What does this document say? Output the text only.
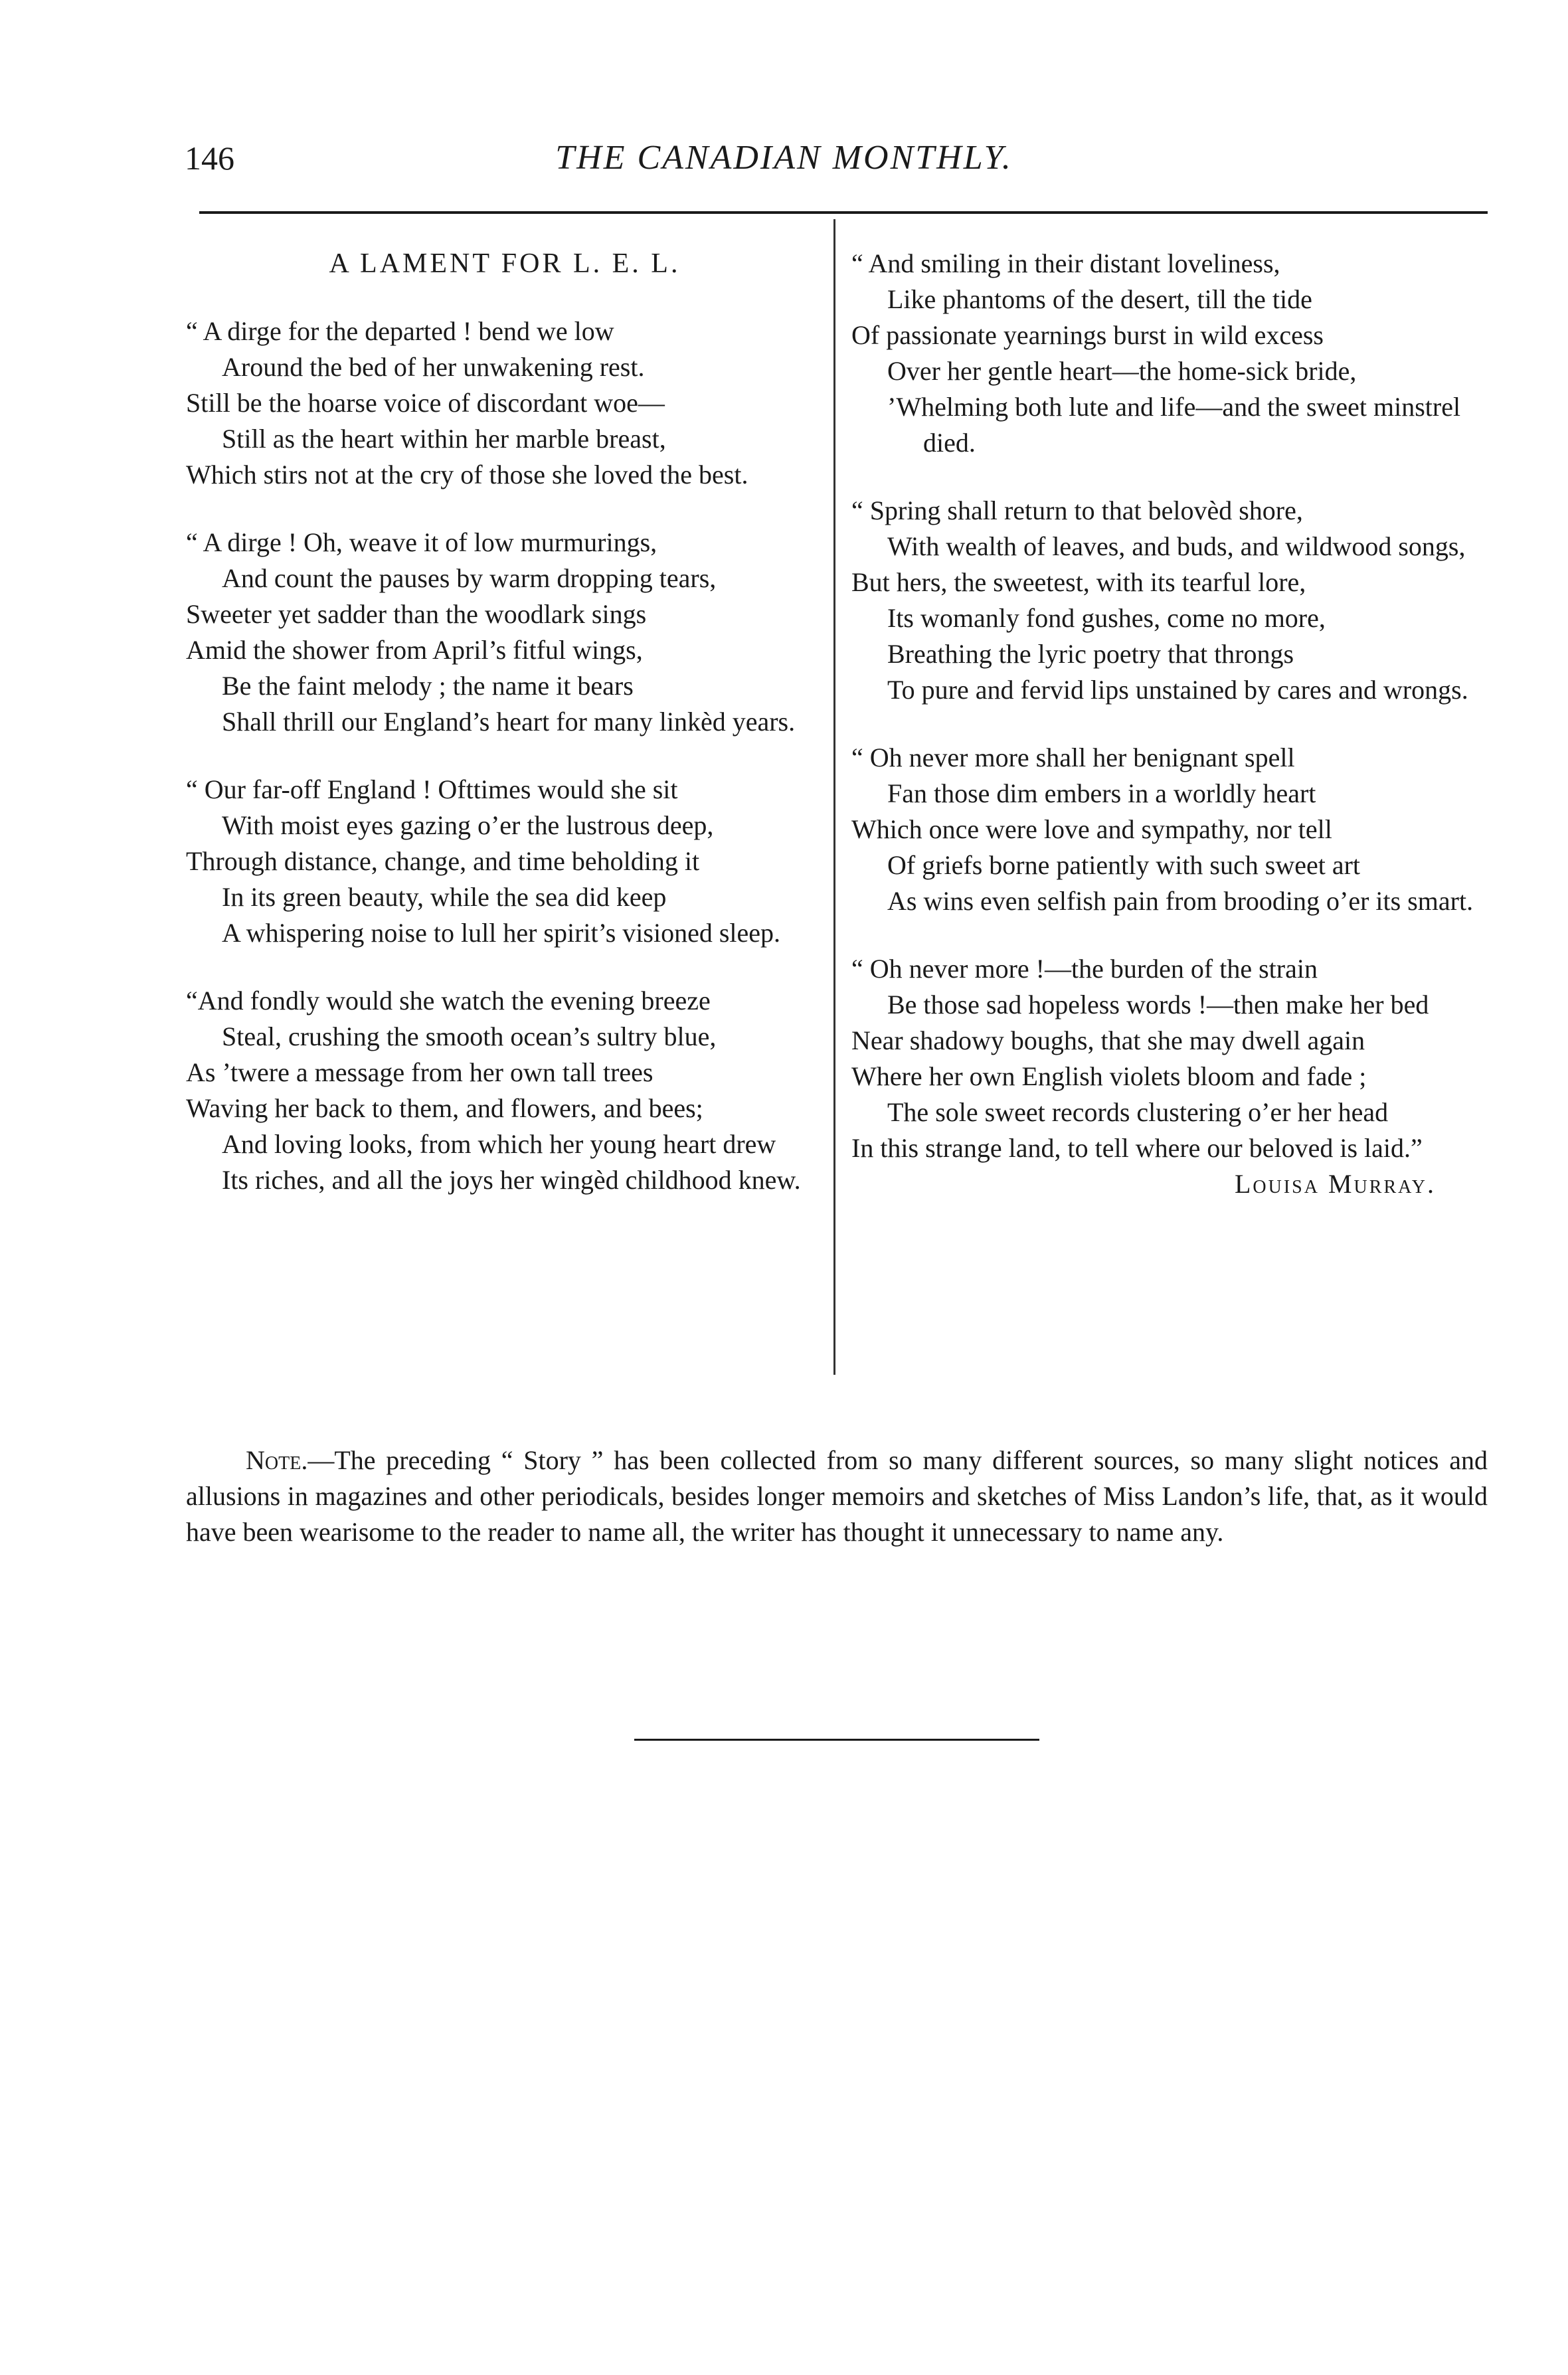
146	THE CANADIAN MONTHLY.
A LAMENT FOR L. E. L.
“ A dirge for the departed ! bend we low
Around the bed of her unwakening rest.
Still be the hoarse voice of discordant woe—
Still as the heart within her marble breast,
Which stirs not at the cry of those she loved the best.
“ A dirge ! Oh, weave it of low murmurings,
And count the pauses by warm dropping tears,
Sweeter yet sadder than the woodlark sings
Amid the shower from April’s fitful wings,
Be the faint melody ; the name it bears
Shall thrill our England’s heart for many linkèd years.
“ Our far-off England ! Ofttimes would she sit
With moist eyes gazing o’er the lustrous deep,
Through distance, change, and time beholding it
In its green beauty, while the sea did keep
A whispering noise to lull her spirit’s visioned sleep.
“And fondly would she watch the evening breeze
Steal, crushing the smooth ocean’s sultry blue,
As ’twere a message from her own tall trees
Waving her back to them, and flowers, and bees;
And loving looks, from which her young heart drew
Its riches, and all the joys her wingèd childhood knew.
“ And smiling in their distant loveliness,
Like phantoms of the desert, till the tide
Of passionate yearnings burst in wild excess
Over her gentle heart—the home-sick bride,
’Whelming both lute and life—and the sweet minstrel died.
“ Spring shall return to that belovèd shore,
With wealth of leaves, and buds, and wildwood songs,
But hers, the sweetest, with its tearful lore,
Its womanly fond gushes, come no more,
Breathing the lyric poetry that throngs
To pure and fervid lips unstained by cares and wrongs.
“ Oh never more shall her benignant spell
Fan those dim embers in a worldly heart
Which once were love and sympathy, nor tell
Of griefs borne patiently with such sweet art
As wins even selfish pain from brooding o’er its smart.
“ Oh never more !—the burden of the strain
Be those sad hopeless words !—then make her bed
Near shadowy boughs, that she may dwell again
Where her own English violets bloom and fade ;
The sole sweet records clustering o’er her head
In this strange land, to tell where our beloved is laid.”
Louisa Murray.
Note.—The preceding “ Story ” has been collected from so many different sources, so many slight notices and allusions in magazines and other periodicals, besides longer memoirs and sketches of Miss Landon’s life, that, as it would have been wearisome to the reader to name all, the writer has thought it unnecessary to name any.
